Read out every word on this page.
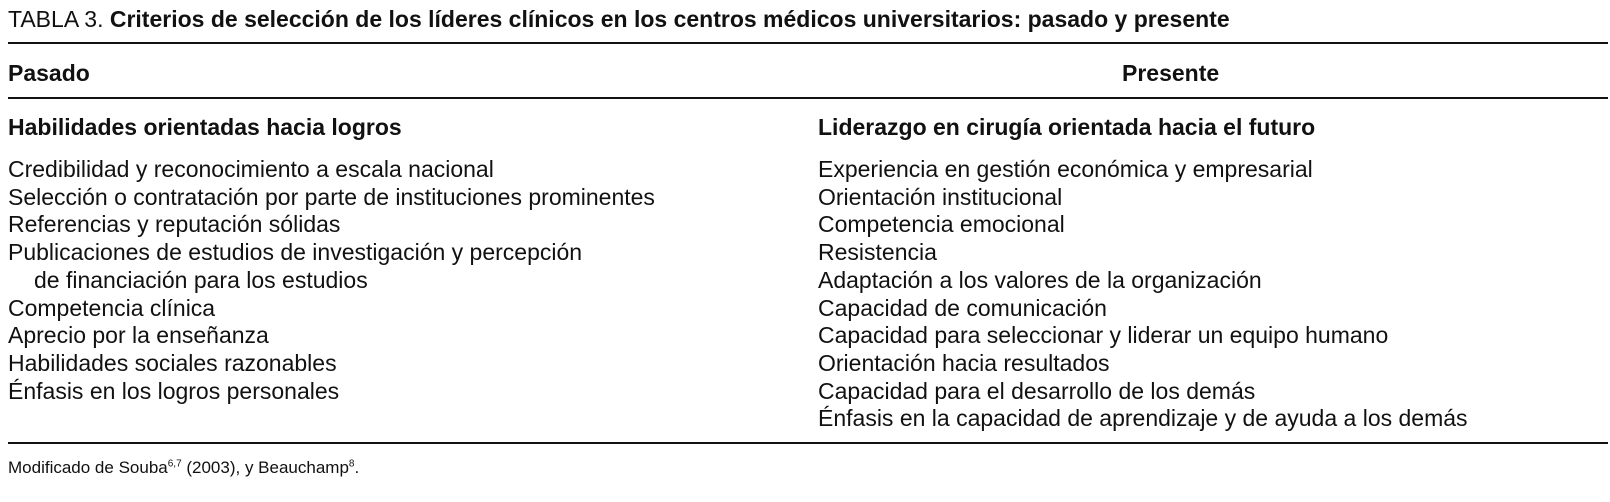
TABLA 3. Criterios de selección de los líderes clínicos en los centros médicos universitarios: pasado y presente
Pasado	Presente
Habilidades orientadas hacia logros
Credibilidad y reconocimiento a escala nacional
Selección o contratación por parte de instituciones prominentes
Referencias y reputación sólidas
Publicaciones de estudios de investigación y percepción
de financiación para los estudios
Competencia clínica
Aprecio por la enseñanza
Habilidades sociales razonables
Énfasis en los logros personales
Liderazgo en cirugía orientada hacia el futuro
Experiencia en gestión económica y empresarial
Orientación institucional
Competencia emocional
Resistencia
Adaptación a los valores de la organización
Capacidad de comunicación
Capacidad para seleccionar y liderar un equipo humano
Orientación hacia resultados
Capacidad para el desarrollo de los demás
Énfasis en la capacidad de aprendizaje y de ayuda a los demás
Modificado de Souba$^{6,7}$ (2003), y Beauchamp$^8$.
